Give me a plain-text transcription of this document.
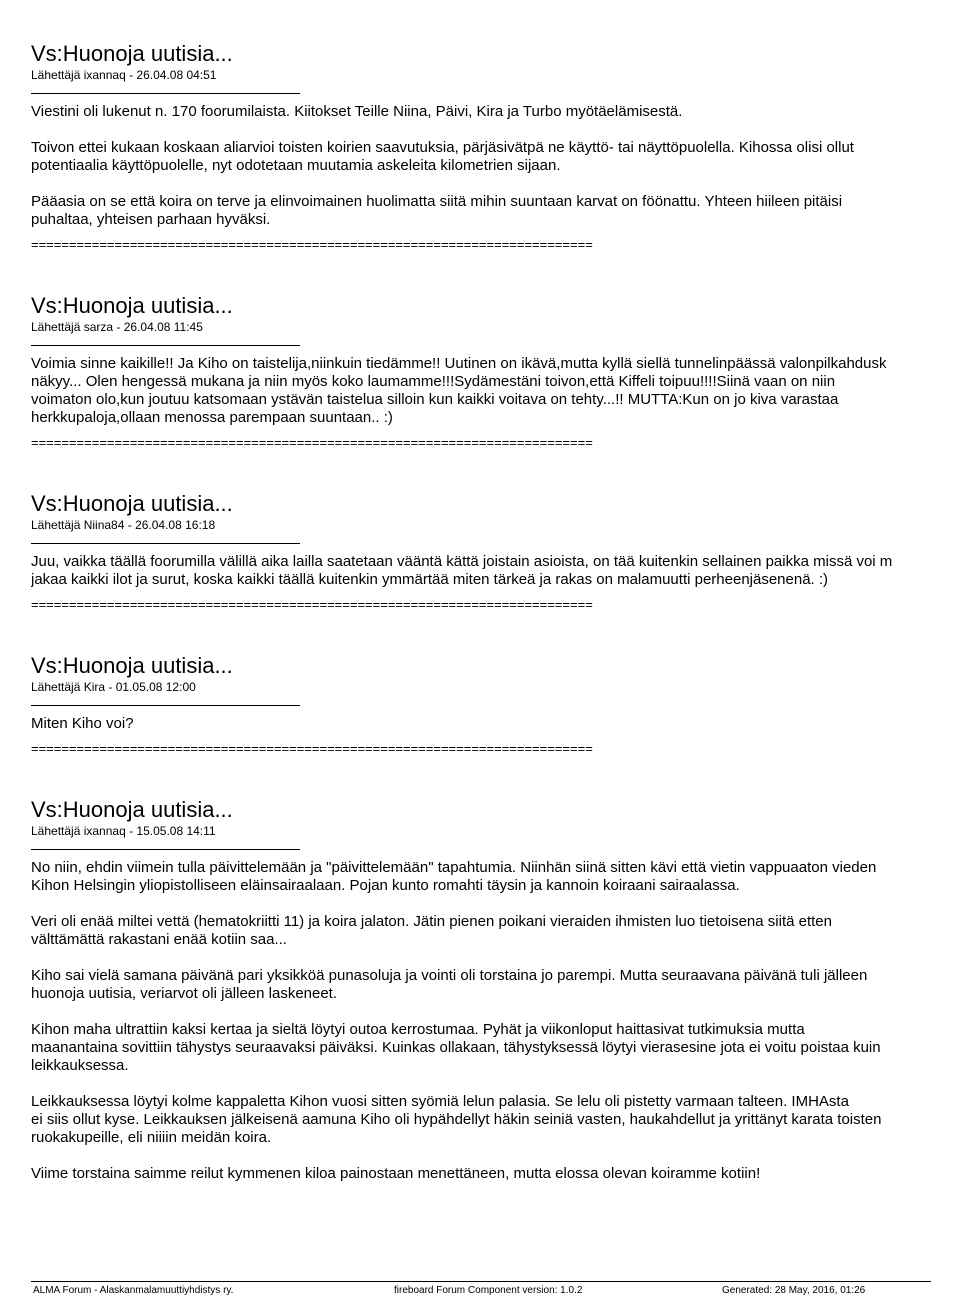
Vs:Huonoja uutisia...
Lähettäjä ixannaq - 26.04.08 04:51

Viestini oli lukenut n. 170 foorumilaista. Kiitokset Teille Niina, Päivi, Kira ja Turbo myötäelämisestä.

Toivon ettei kukaan koskaan aliarvioi toisten koirien saavutuksia, pärjäsivätpä ne käyttö- tai näyttöpuolella. Kihossa olisi ollut
potentiaalia käyttöpuolelle, nyt odotetaan muutamia askeleita kilometrien sijaan.

Pääasia on se että koira on terve ja elinvoimainen huolimatta siitä mihin suuntaan karvat on föönattu. Yhteen hiileen pitäisi
puhaltaa, yhteisen parhaan hyväksi.

==========================================================================
Vs:Huonoja uutisia...
Lähettäjä sarza - 26.04.08 11:45

Voimia sinne kaikille!! Ja Kiho on taistelija,niinkuin tiedämme!! Uutinen on ikävä,mutta kyllä siellä tunnelinpäässä valonpilkahdusk
näkyy... Olen hengessä mukana ja niin myös koko laumamme!!!Sydämestäni toivon,että Kiffeli toipuu!!!!Siinä vaan on niin
voimaton olo,kun joutuu katsomaan ystävän taistelua silloin kun kaikki voitava on tehty...!! MUTTA:Kun on jo kiva varastaa
herkkupaloja,ollaan menossa parempaan suuntaan.. :)

==========================================================================
Vs:Huonoja uutisia...
Lähettäjä Niina84 - 26.04.08 16:18

Juu, vaikka täällä foorumilla välillä aika lailla saatetaan vääntä kättä joistain asioista, on tää kuitenkin sellainen paikka missä voi m
jakaa kaikki ilot ja surut, koska kaikki täällä kuitenkin ymmärtää miten tärkeä ja rakas on malamuutti perheenjäsenenä. :)

==========================================================================
Vs:Huonoja uutisia...
Lähettäjä Kira - 01.05.08 12:00

Miten Kiho voi?

==========================================================================
Vs:Huonoja uutisia...
Lähettäjä ixannaq - 15.05.08 14:11

No niin, ehdin viimein tulla päivittelemään ja "päivittelemään" tapahtumia. Niinhän siinä sitten kävi että vietin vappuaaton vieden
Kihon Helsingin yliopistolliseen eläinsairaalaan. Pojan kunto romahti täysin ja kannoin koiraani sairaalassa.

Veri oli enää miltei vettä (hematokriitti 11) ja koira jalaton. Jätin pienen poikani vieraiden ihmisten luo tietoisena siitä etten
välttämättä rakastani enää kotiin saa...

Kiho sai vielä samana päivänä pari yksikköä punasoluja ja vointi oli torstaina jo parempi. Mutta seuraavana päivänä tuli jälleen
huonoja uutisia, veriarvot oli jälleen laskeneet.

Kihon maha ultrattiin kaksi kertaa ja sieltä löytyi outoa kerrostumaa. Pyhät ja viikonloput haittasivat tutkimuksia mutta
maanantaina sovittiin tähystys seuraavaksi päiväksi. Kuinkas ollakaan, tähystyksessä löytyi vierasesine jota ei voitu poistaa kuin
leikkauksessa.

Leikkauksessa löytyi kolme kappaletta Kihon vuosi sitten syömiä lelun palasia. Se lelu oli pistetty varmaan talteen. IMHAsta
ei siis ollut kyse. Leikkauksen jälkeisenä aamuna Kiho oli hypähdellyt häkin seiniä vasten, haukahdellut ja yrittänyt karata toisten
ruokakupeille, eli niiiin meidän koira.

Viime torstaina saimme reilut kymmenen kiloa painostaan menettäneen, mutta elossa olevan koiramme kotiin!

ALMA Forum - Alaskanmalamuuttiyhdistys ry.	fireboard Forum Component version: 1.0.2	Generated: 28 May, 2016, 01:26
